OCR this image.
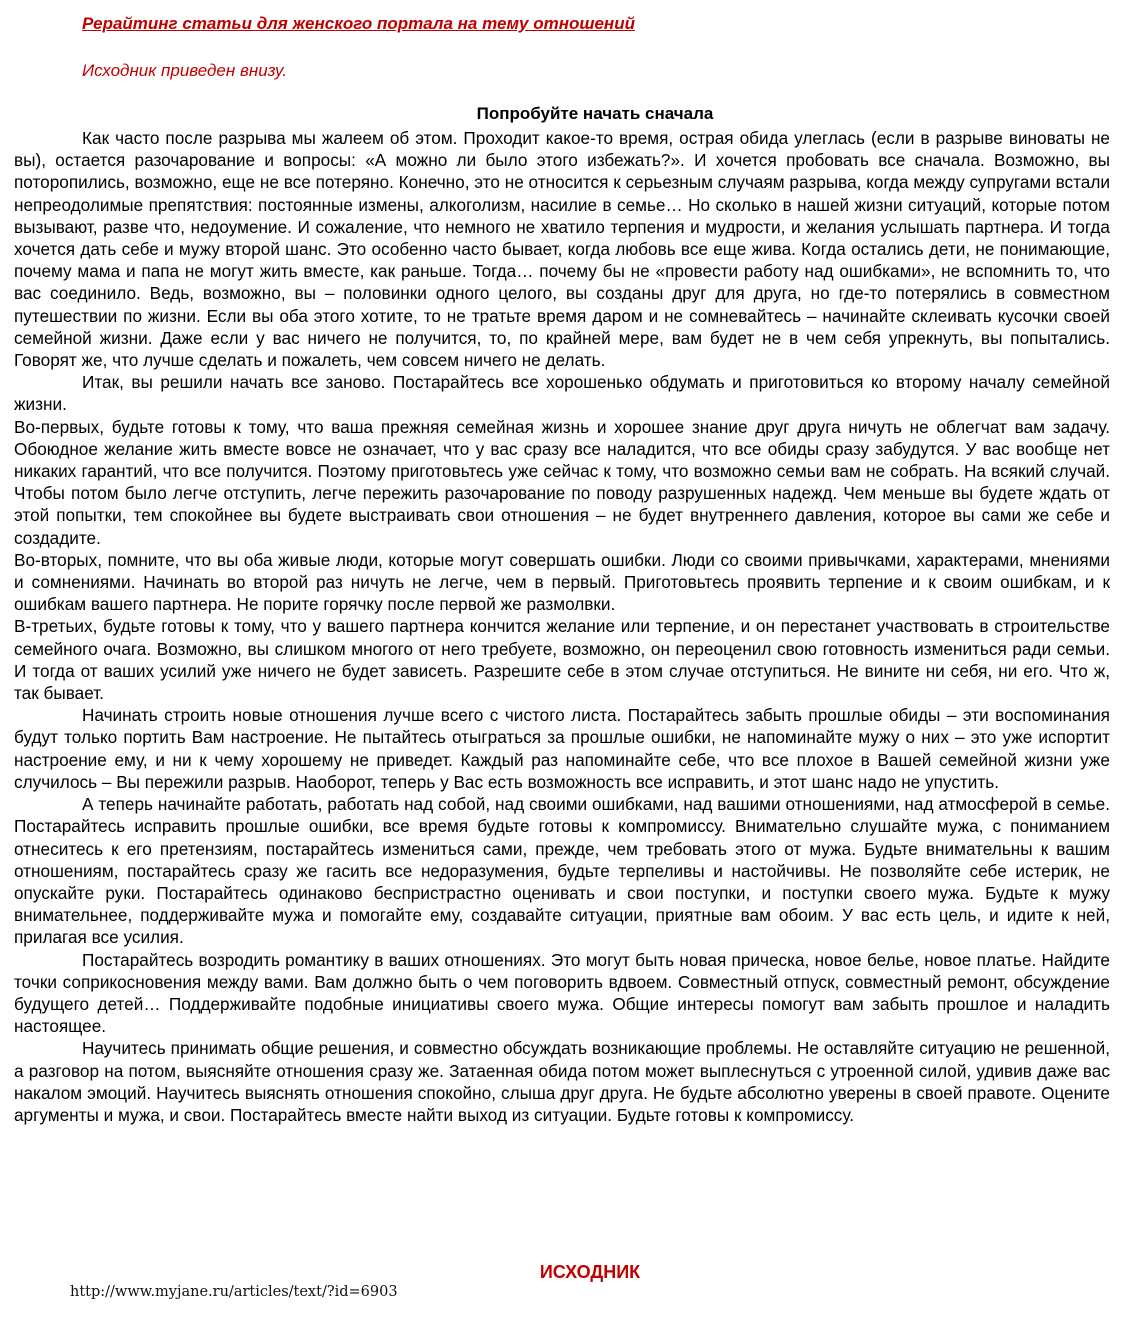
Рерайтинг статьи для женского портала на тему отношений
Исходник приведен внизу.
Попробуйте начать сначала

Как часто после разрыва мы жалеем об этом. Проходит какое-то время, острая обида улеглась (если в разрыве виноваты не вы), остается разочарование и вопросы: «А можно ли было этого избежать?». И хочется пробовать все сначала. Возможно, вы поторопились, возможно, еще не все потеряно. Конечно, это не относится к серьезным случаям разрыва, когда между супругами встали непреодолимые препятствия: постоянные измены, алкоголизм, насилие в семье… Но сколько в нашей жизни ситуаций, которые потом вызывают, разве что, недоумение. И сожаление, что немного не хватило терпения и мудрости, и желания услышать партнера. И тогда хочется дать себе и мужу второй шанс. Это особенно часто бывает, когда любовь все еще жива. Когда остались дети, не понимающие, почему мама и папа не могут жить вместе, как раньше. Тогда… почему бы не «провести работу над ошибками», не вспомнить то, что вас соединило. Ведь, возможно, вы – половинки одного целого, вы созданы друг для друга, но где-то потерялись в совместном путешествии по жизни. Если вы оба этого хотите, то не тратьте время даром и не сомневайтесь – начинайте склеивать кусочки своей семейной жизни. Даже если у вас ничего не получится, то, по крайней мере, вам будет не в чем себя упрекнуть, вы попытались. Говорят же, что лучше сделать и пожалеть, чем совсем ничего не делать.

Итак, вы решили начать все заново. Постарайтесь все хорошенько обдумать и приготовиться ко второму началу семейной жизни.

Во-первых, будьте готовы к тому, что ваша прежняя семейная жизнь и хорошее знание друг друга ничуть не облегчат вам задачу. Обоюдное желание жить вместе вовсе не означает, что у вас сразу все наладится, что все обиды сразу забудутся. У вас вообще нет никаких гарантий, что все получится. Поэтому приготовьтесь уже сейчас к тому, что возможно семьи вам не собрать. На всякий случай. Чтобы потом было легче отступить, легче пережить разочарование по поводу разрушенных надежд. Чем меньше вы будете ждать от этой попытки, тем спокойнее вы будете выстраивать свои отношения – не будет внутреннего давления, которое вы сами же себе и создадите.

Во-вторых, помните, что вы оба живые люди, которые могут совершать ошибки. Люди со своими привычками, характерами, мнениями и сомнениями. Начинать во второй раз ничуть не легче, чем в первый. Приготовьтесь проявить терпение и к своим ошибкам, и к ошибкам вашего партнера. Не порите горячку после первой же размолвки.

В-третьих, будьте готовы к тому, что у вашего партнера кончится желание или терпение, и он перестанет участвовать в строительстве семейного очага. Возможно, вы слишком многого от него требуете, возможно, он переоценил свою готовность измениться ради семьи. И тогда от ваших усилий уже ничего не будет зависеть. Разрешите себе в этом случае отступиться. Не вините ни себя, ни его. Что ж, так бывает.

Начинать строить новые отношения лучше всего с чистого листа. Постарайтесь забыть прошлые обиды – эти воспоминания будут только портить Вам настроение. Не пытайтесь отыграться за прошлые ошибки, не напоминайте мужу о них – это уже испортит настроение ему, и ни к чему хорошему не приведет. Каждый раз напоминайте себе, что все плохое в Вашей семейной жизни уже случилось – Вы пережили разрыв. Наоборот, теперь у Вас есть возможность все исправить, и этот шанс надо не упустить.

А теперь начинайте работать, работать над собой, над своими ошибками, над вашими отношениями, над атмосферой в семье. Постарайтесь исправить прошлые ошибки, все время будьте готовы к компромиссу. Внимательно слушайте мужа, с пониманием отнеситесь к его претензиям, постарайтесь измениться сами, прежде, чем требовать этого от мужа. Будьте внимательны к вашим отношениям, постарайтесь сразу же гасить все недоразумения, будьте терпеливы и настойчивы. Не позволяйте себе истерик, не опускайте руки. Постарайтесь одинаково беспристрастно оценивать и свои поступки, и поступки своего мужа. Будьте к мужу внимательнее, поддерживайте мужа и помогайте ему, создавайте ситуации, приятные вам обоим. У вас есть цель, и идите к ней, прилагая все усилия.

Постарайтесь возродить романтику в ваших отношениях. Это могут быть новая прическа, новое белье, новое платье. Найдите точки соприкосновения между вами. Вам должно быть о чем поговорить вдвоем. Совместный отпуск, совместный ремонт, обсуждение будущего детей… Поддерживайте подобные инициативы своего мужа. Общие интересы помогут вам забыть прошлое и наладить настоящее.

Научитесь принимать общие решения, и совместно обсуждать возникающие проблемы. Не оставляйте ситуацию не решенной, а разговор на потом, выясняйте отношения сразу же. Затаенная обида потом может выплеснуться с утроенной силой, удивив даже вас накалом эмоций. Научитесь выяснять отношения спокойно, слыша друг друга. Не будьте абсолютно уверены в своей правоте. Оцените аргументы и мужа, и свои. Постарайтесь вместе найти выход из ситуации. Будьте готовы к компромиссу.

ИСХОДНИК
http://www.myjane.ru/articles/text/?id=6903
